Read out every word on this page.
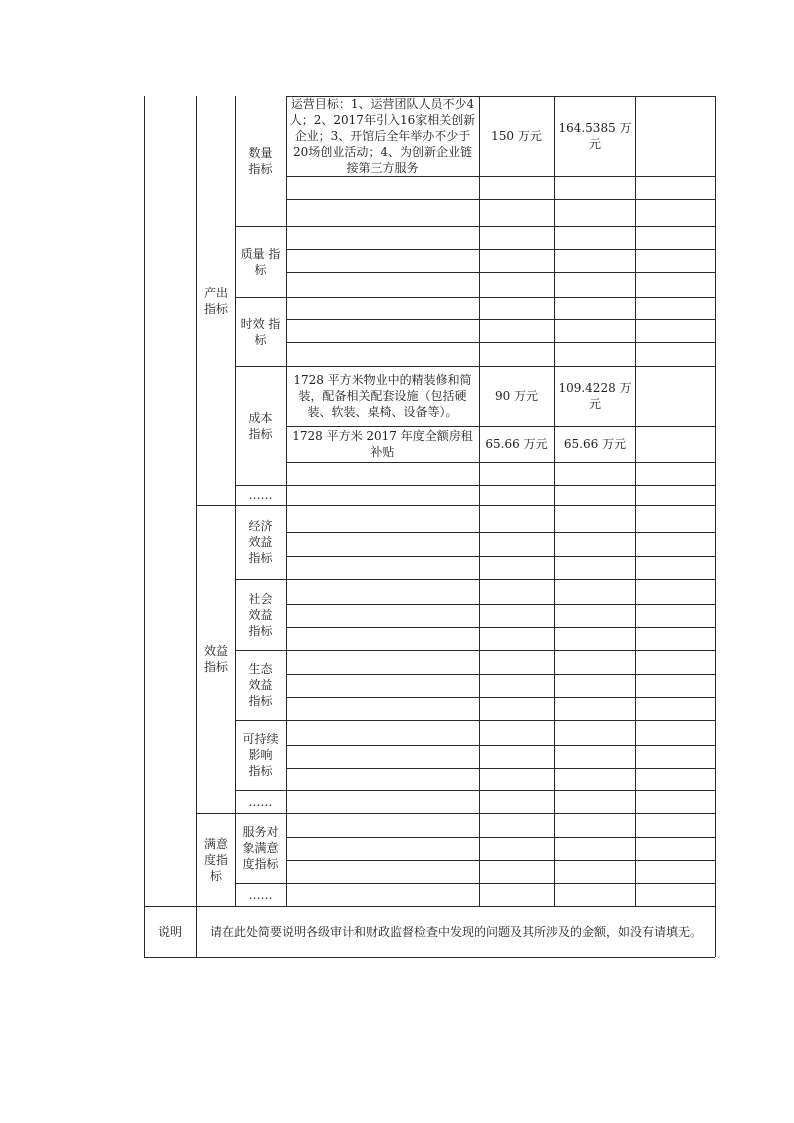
产出
指标
数量
指标
运营目标：1、运营团队人员不少4人；2、2017年引入16家相关创新企业；3、开馆后全年举办不少于20场创业活动；4、为创新企业链接第三方服务
150 万元
164.5385 万元
质量 指
标
时效 指
标
成本
指标
1728 平方米物业中的精装修和简装，配备相关配套设施（包括硬装、软装、桌椅、设备等）。
90 万元
109.4228 万元
1728 平方米 2017 年度全额房租补贴
65.66 万元	65.66 万元
……
效益
指标
经济
效益
指标
社会
效益
指标
生态
效益
指标
可持续
影响
指标
……
满意
度指
标
服务对
象满意
度指标
……
说明	请在此处简要说明各级审计和财政监督检查中发现的问题及其所涉及的金额，如没有请填无。
